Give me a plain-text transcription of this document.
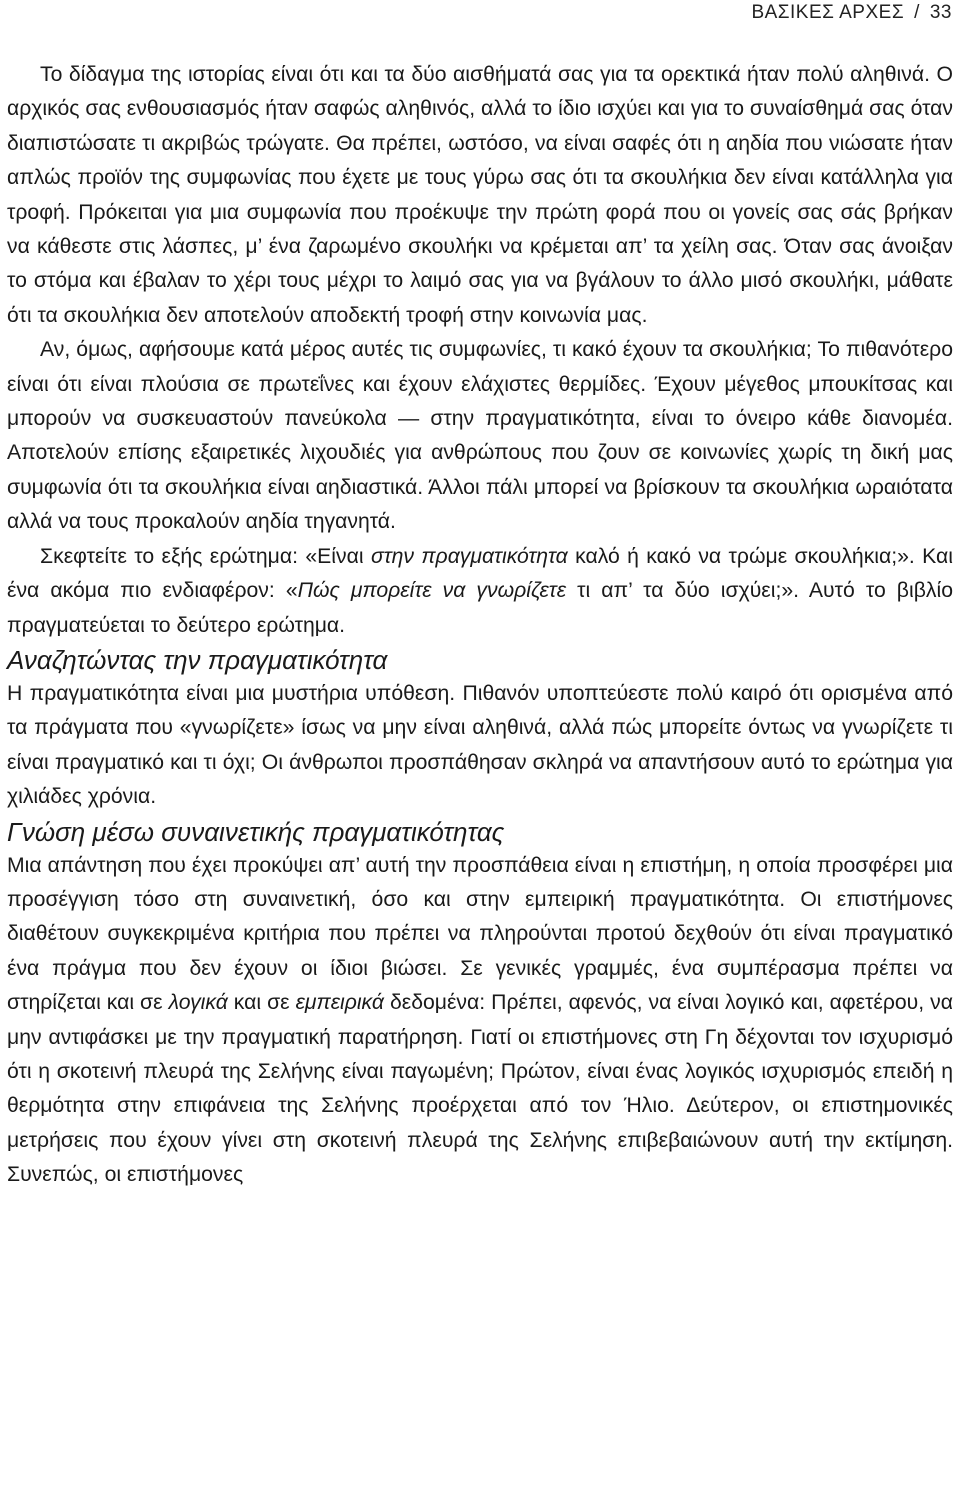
ΒΑΣΙΚΕΣ ΑΡΧΕΣ / 33

Το δίδαγμα της ιστορίας είναι ότι και τα δύο αισθήματά σας για τα ορεκτικά ήταν πολύ αληθινά. Ο αρχικός σας ενθουσιασμός ήταν σαφώς αληθινός, αλλά το ίδιο ισχύει και για το συναίσθημά σας όταν διαπιστώσατε τι ακριβώς τρώγατε. Θα πρέπει, ωστόσο, να είναι σαφές ότι η αηδία που νιώσατε ήταν απλώς προϊόν της συμφωνίας που έχετε με τους γύρω σας ότι τα σκουλήκια δεν είναι κατάλληλα για τροφή. Πρόκειται για μια συμφωνία που προέκυψε την πρώτη φορά που οι γονείς σας σάς βρήκαν να κάθεστε στις λάσπες, μ’ ένα ζαρωμένο σκουλήκι να κρέμεται απ’ τα χείλη σας. Όταν σας άνοιξαν το στόμα και έβαλαν το χέρι τους μέχρι το λαιμό σας για να βγάλουν το άλλο μισό σκουλήκι, μάθατε ότι τα σκουλήκια δεν αποτελούν αποδεκτή τροφή στην κοινωνία μας.

Αν, όμως, αφήσουμε κατά μέρος αυτές τις συμφωνίες, τι κακό έχουν τα σκουλήκια; Το πιθανότερο είναι ότι είναι πλούσια σε πρωτεΐνες και έχουν ελάχιστες θερμίδες. Έχουν μέγεθος μπουκίτσας και μπορούν να συσκευαστούν πανεύκολα — στην πραγματικότητα, είναι το όνειρο κάθε διανομέα. Αποτελούν επίσης εξαιρετικές λιχουδιές για ανθρώπους που ζουν σε κοινωνίες χωρίς τη δική μας συμφωνία ότι τα σκουλήκια είναι αηδιαστικά. Άλλοι πάλι μπορεί να βρίσκουν τα σκουλήκια ωραιότατα αλλά να τους προκαλούν αηδία τηγανητά.

Σκεφτείτε το εξής ερώτημα: «Είναι στην πραγματικότητα καλό ή κακό να τρώμε σκουλήκια;». Και ένα ακόμα πιο ενδιαφέρον: «Πώς μπορείτε να γνωρίζετε τι απ’ τα δύο ισχύει;». Αυτό το βιβλίο πραγματεύεται το δεύτερο ερώτημα.

Αναζητώντας την πραγματικότητα

Η πραγματικότητα είναι μια μυστήρια υπόθεση. Πιθανόν υποπτεύεστε πολύ καιρό ότι ορισμένα από τα πράγματα που «γνωρίζετε» ίσως να μην είναι αληθινά, αλλά πώς μπορείτε όντως να γνωρίζετε τι είναι πραγματικό και τι όχι; Οι άνθρωποι προσπάθησαν σκληρά να απαντήσουν αυτό το ερώτημα για χιλιάδες χρόνια.

Γνώση μέσω συναινετικής πραγματικότητας

Μια απάντηση που έχει προκύψει απ’ αυτή την προσπάθεια είναι η επιστήμη, η οποία προσφέρει μια προσέγγιση τόσο στη συναινετική, όσο και στην εμπειρική πραγματικότητα. Οι επιστήμονες διαθέτουν συγκεκριμένα κριτήρια που πρέπει να πληρούνται προτού δεχθούν ότι είναι πραγματικό ένα πράγμα που δεν έχουν οι ίδιοι βιώσει. Σε γενικές γραμμές, ένα συμπέρασμα πρέπει να στηρίζεται και σε λογικά και σε εμπειρικά δεδομένα: Πρέπει, αφενός, να είναι λογικό και, αφετέρου, να μην αντιφάσκει με την πραγματική παρατήρηση. Γιατί οι επιστήμονες στη Γη δέχονται τον ισχυρισμό ότι η σκοτεινή πλευρά της Σελήνης είναι παγωμένη; Πρώτον, είναι ένας λογικός ισχυρισμός επειδή η θερμότητα στην επιφάνεια της Σελήνης προέρχεται από τον Ήλιο. Δεύτερον, οι επιστημονικές μετρήσεις που έχουν γίνει στη σκοτεινή πλευρά της Σελήνης επιβεβαιώνουν αυτή την εκτίμηση. Συνεπώς, οι επιστήμονες
